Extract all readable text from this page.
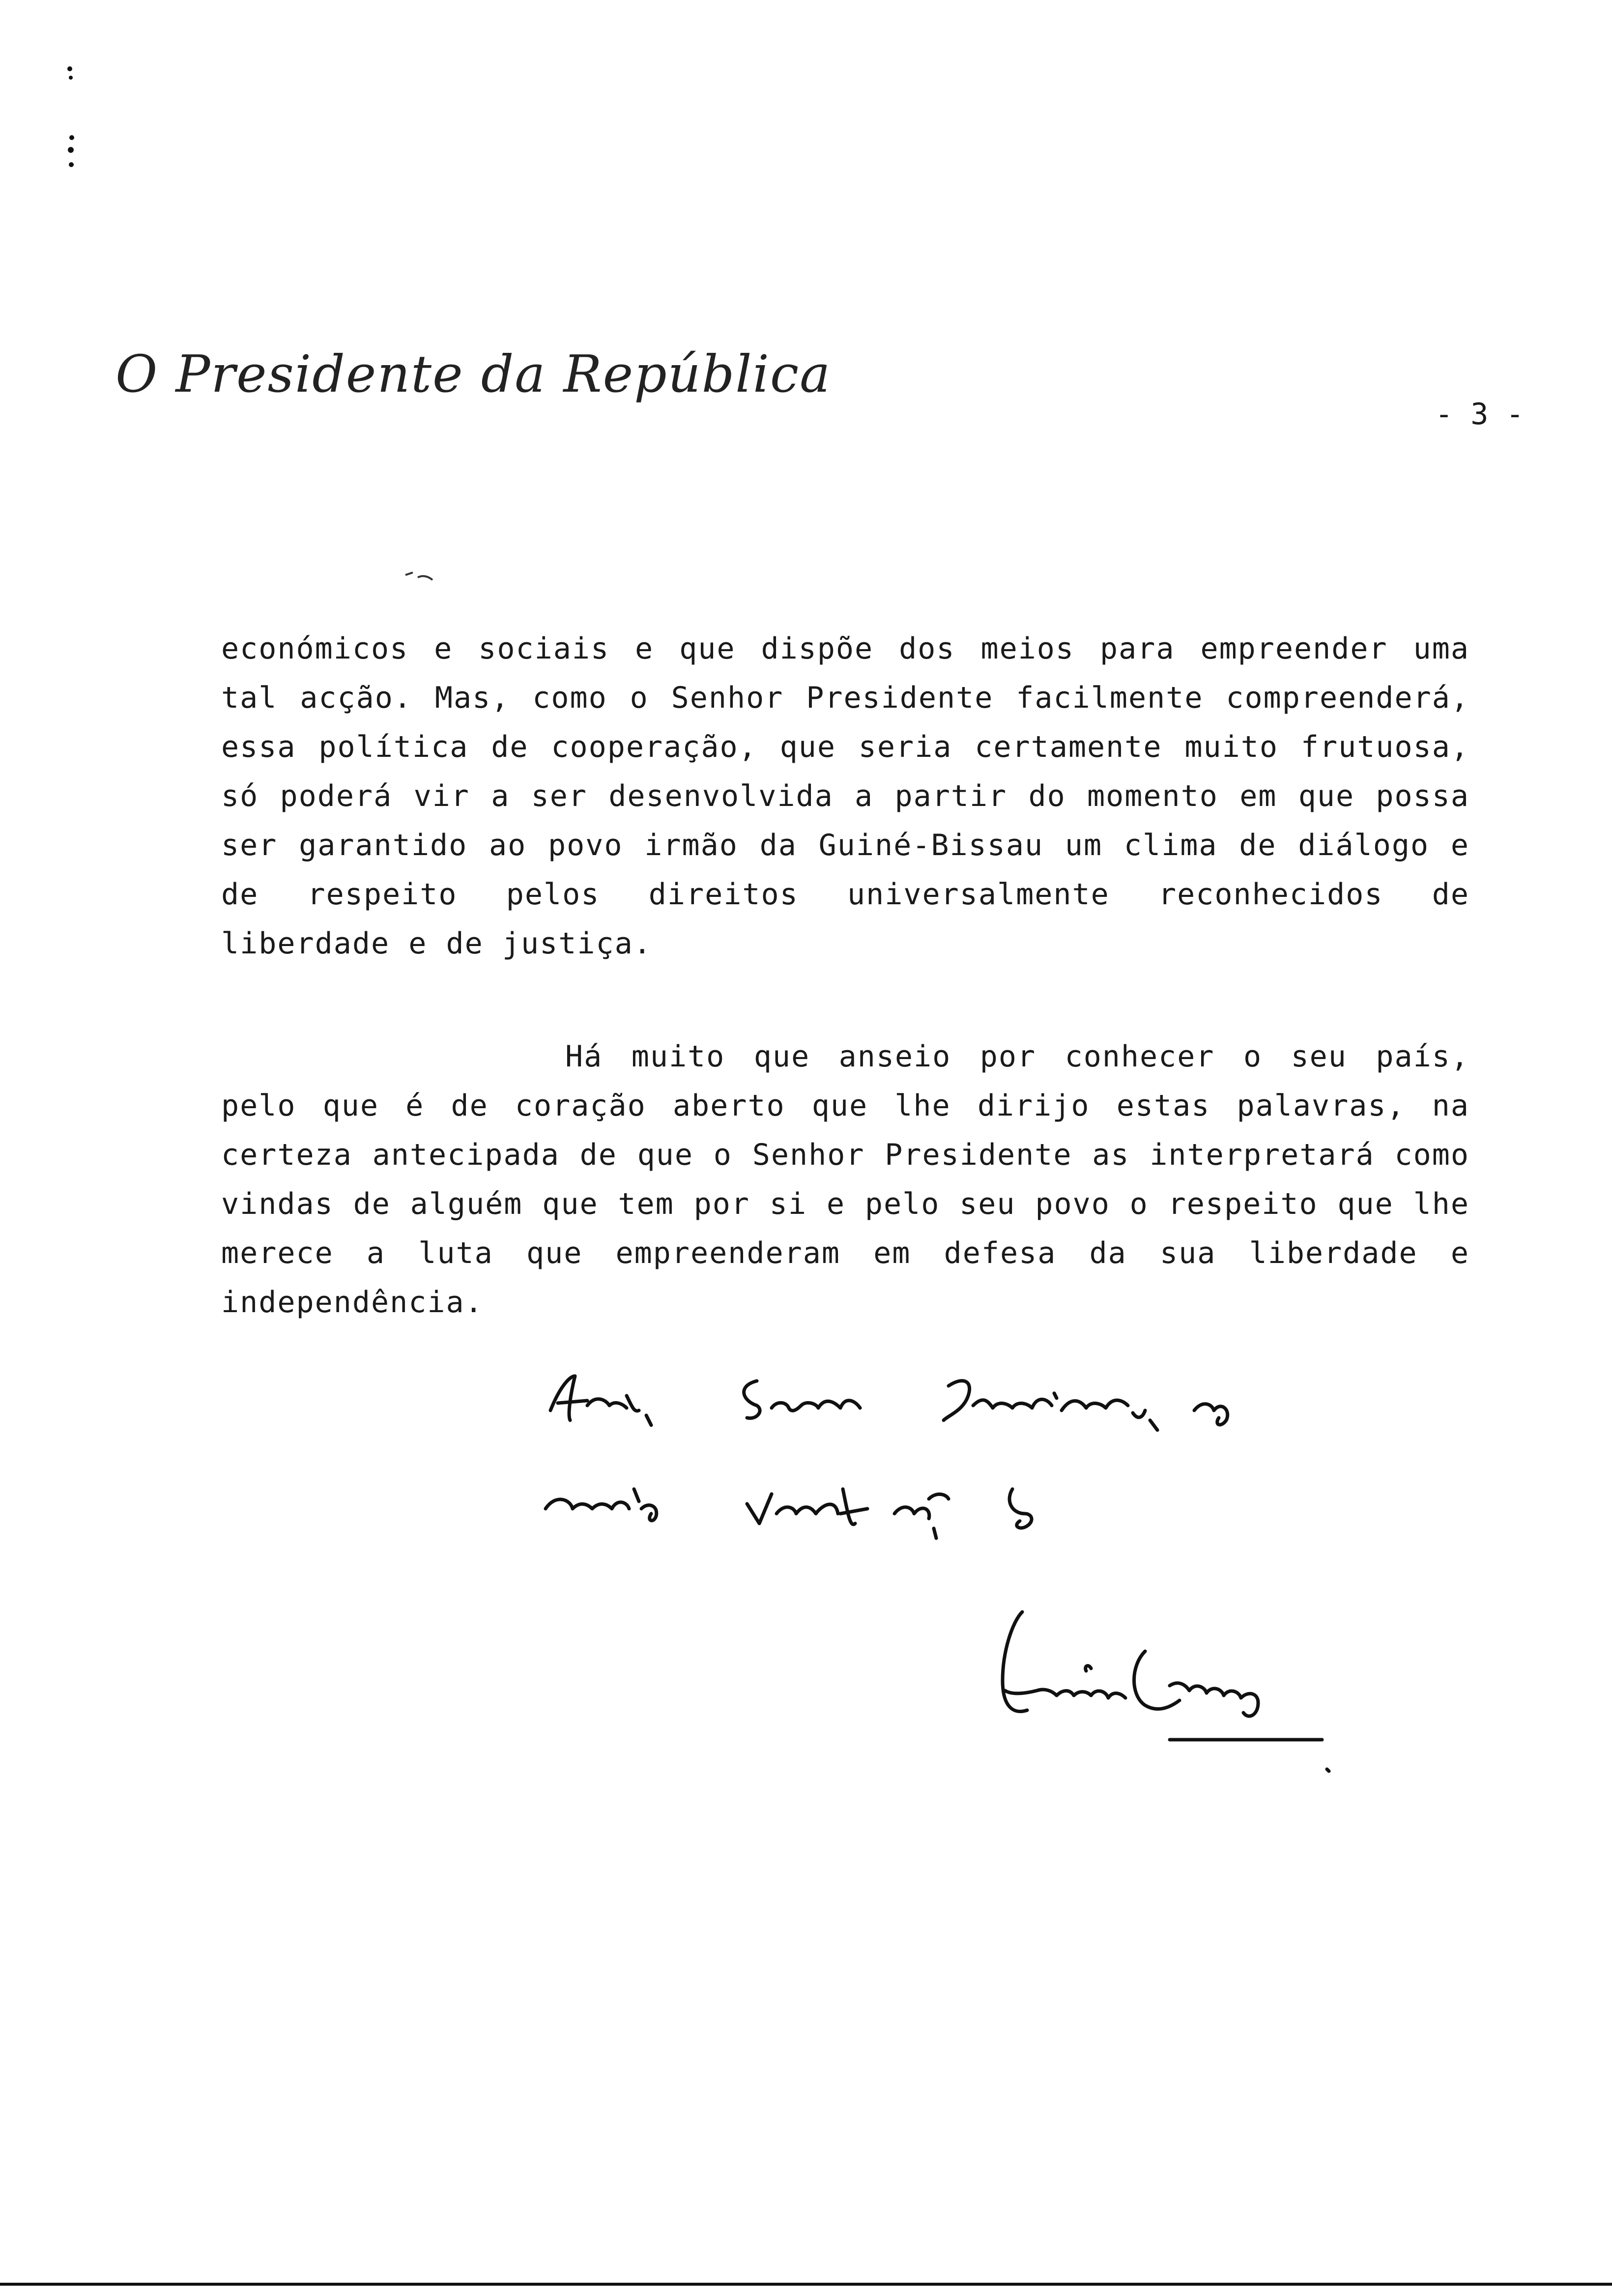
O Presidente da República
- 3 -

económicos e sociais e que dispõe dos meios para empreender uma tal acção. Mas, como o Senhor Presidente facilmente compreenderá, essa política de cooperação, que seria certamente muito frutuosa, só poderá vir a ser desenvolvida a partir do momento em que possa ser garantido ao povo irmão da Guiné-Bissau um clima de diálogo e de respeito pelos direitos universalmente reconhecidos de liberdade e de justiça.

Há muito que anseio por conhecer o seu país, pelo que é de coração aberto que lhe dirijo estas palavras, na certeza antecipada de que o Senhor Presidente as interpretará como vindas de alguém que tem por si e pelo seu povo o respeito que lhe merece a luta que empreenderam em defesa da sua liberdade e independência.
